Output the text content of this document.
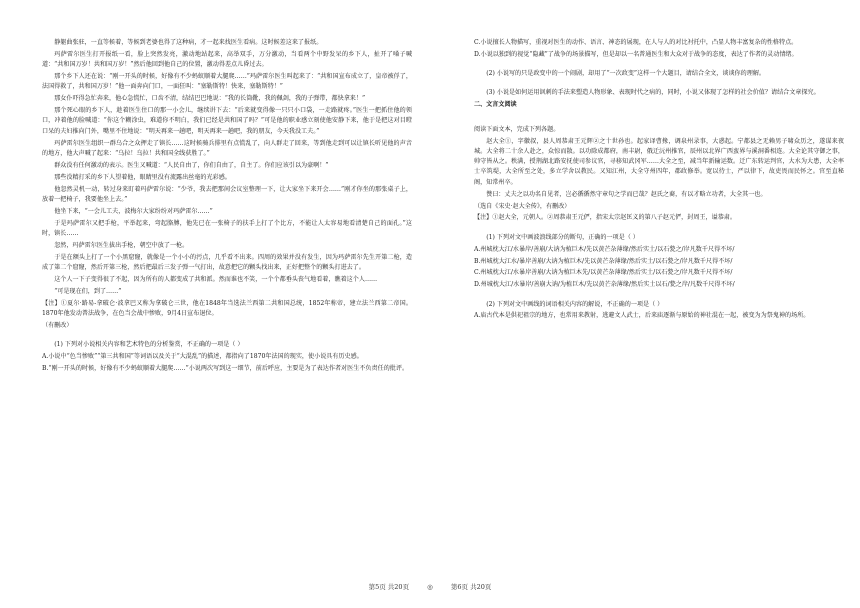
静躯曲张驻，一直等候着，等候到老婆也得了这种病，才一起来找医生看病。这时候差这来了报纸。

玛萨雷尔医生打开报纸一看，脸上突然发亮，激动地站起来，高举双手，万分激动，当看两个中野发呆的乡下人，扯开了嗓子喊道：“共和国万岁！共和国万岁！”然后他回到他自己的位置，激动得差点儿昏过去。

那个乡下人还在说：“刚一开头的时候，好像有不少蚂蚁顺着大腿爬……”玛萨雷尔医生叫起来了：“共和国宣布成立了，皇帝被俘了，法国得救了，共和国万岁！”他一面奔向门口，一面狂叫：“塞勒斯特！快来，塞勒斯特！”

那女仆吓得急忙奔来，他心急慌忙，口齿不清，结结巴巴地说：“我的长筒靴，我的佩剑，我的子弹带，都快拿来！”

那个死心眼的乡下人，趁着医生住口的那一小会儿，继续讲下去：“后来就变得像一只只小口袋，一走路就疼。”医生一把抓住他的领口，冲着他的脸喊道：“你这个糊涂虫，难道你不明白，我们已经是共和国了吗？”可是他的职业感立刻使他安静下来，他于是把这对目瞪口呆的夫妇推向门外，嘴里不住地说：“明天再来一趟吧，明天再来一趟吧，我的朋友，今天我没工夫。”

玛萨雷尔医生组织一群乌合之众押走了镇长……这时候骑兵排里有点慌乱了，向人群走了回来，等到他走到可以让镇长听见他的声音的地方，他大声喊了起来：“乌拉！乌拉！共和国全线获胜了。”

群众没有任何激动的表示。医生又喊道：“人民自由了，你们自由了，自主了。你们应该引以为豪啊！”

那些没精打采的乡下人望着他，眼睛里没有流露出丝毫的光彩感。

他忽然灵机一动，转过身来盯着玛萨雷尔说：“少爷，我去把那间会议室整理一下，让大家坐下来开会……”刚才你坐的那张桌子上，放着一把椅子，我要他坐上去。”

他坐下来，“一会儿工夫，波梅尔大家纷纷对玛萨雷尔……”

于是玛萨雷尔又把手枪，平举起来，弯起胳膊，他先已在一张椅子的扶手上打了个比方，不能让人太容易地看清楚自己的面孔。”这时，镇长……

忽然，玛萨雷尔医生拔出手枪，朝空中放了一枪。

于是在额头上打了一个小黑窟窿，就像是一个小小的污点，几乎看不出来。四周的效果并没有发生，因为玛萨雷尔先生开第二枪，造成了第二个窟窿，然后开第三枪，然后把最后三发子弹一气打出，故意把它的颗头找出来，正好把整个的颗头打进去了。

这个人一下子变得很了不起，因为所有的人都变成了共和派。然而谁也不笑，一个个都垂头丧气地看着，瞧着这个人……

“可是现在们，到了……”

【注】①夏尔·路易-拿破仑·波拿巴又称为拿破仑三世，他在1848年当选法兰西第二共和国总统，1852年称帝，建立法兰西第二帝国。1870年他发动普法战争，在色当会战中惨败，9月4日宣布退位。

（有删改）

(1) 下列对小说相关内容和艺术特色的分析鉴赏，不正确的一项是（ ）

A.小说中“色当惨败”“第三共和国”等词语以及关于“大混乱”的描述，都指向了1870年法国的现实，使小说具有历史感。

B.“刚一开头的时候，好像有不少蚂蚁顺着大腿爬……”小说两次写到这一细节，前后呼应，主要是为了表达作者对医生不负责任的批评。

C.小说擅长人物描写，重视对医生的动作、语言、神态的展现，在人与人的对比衬托中，凸显人物丰富复杂的性格特点。

D.小说以独到的视觉“隐藏”了战争的场景描写，但是却以一名普通医生和大众对于战争的态度，表达了作者的灵动情绪。

(2) 小说写的只是政变中的一个闹剧，却用了“一次政变”这样一个大题目，请结合全文，谈谈你的理解。

(3) 小说是如何运用讽刺的手法来塑造人物形象、表现时代之病的，同时，小说又体现了怎样的社会价值？请结合文章探究。

二、文言文阅读

阅读下面文本，完成下列各题。

赵大全①，字徽叔，县人周恭肃王元辉②之十世孙也。起家译曹掾，调泉州录事，大惑起。宁都县之无赖男子啸众历之，遂谋来夜城。大全将二十余人赴之，众惊而散。以功除成都府，南丰尉，俄迁沅州推官，辰州以北界广西蛮界与溪洞番相连。大全论其守御之事，帅守皆从之。秩满，授荆湖北路安抚使司参议官，寻移知武冈军……大全之至，减当年新输运数。迁广东转运判官，大水为大患，大全率士卒筑堤，大全所至之处，多立学舍以教民。又知江州，大全守州四年，郡政修举。宽以待士，严以律下，故吏畏而民怀之。官至直秘阁，知常州卒。

赞曰：丈夫之以功名自见者，岂必循循然守章句之学而已哉？赵氏之裔，有以才略立功者，大全其一也。

（选自《宋史·赵大全传》，有删改）

【注】①赵大全，元朝人。②周恭肃王元俨，指宋太宗赵匡义的第八子赵元俨，封周王，谥恭肃。

(1) 下列对文中画波浪线部分的断句，正确的一项是（ ）

A.州城枕大江/水暴岸/善崩/大讷为植巨木/先以黄芒杂薄缘/然后实土/以石甃之/岸凡数千尺得不坏/

B.州城枕大江水/暴岸善崩/大讷为植巨木/先以黄芒杂薄缘/然后实土/以石甃之/岸凡数千尺得不坏/

C.州城枕大江/水暴岸善崩/大讷为植巨木先/以黄芒杂薄缘/然后实土/以石甃之/岸凡数千尺得不坏/

D.州城枕大江/水暴岸/善崩大讷/为植巨木/先以黄芒杂薄缘/然后实土以石/甃之岸/凡数千尺得不坏/

(2) 下列对文中画线的词语相关内容的解说，不正确的一项是（ ）

A.庙古代本是供祀祖宗的地方，也常用来教射，逃避文人武士，后来庙逐渐与原始的神社混在一起，被变为为祭鬼神的场所。

第5页 共20页	◎	第6页 共20页
